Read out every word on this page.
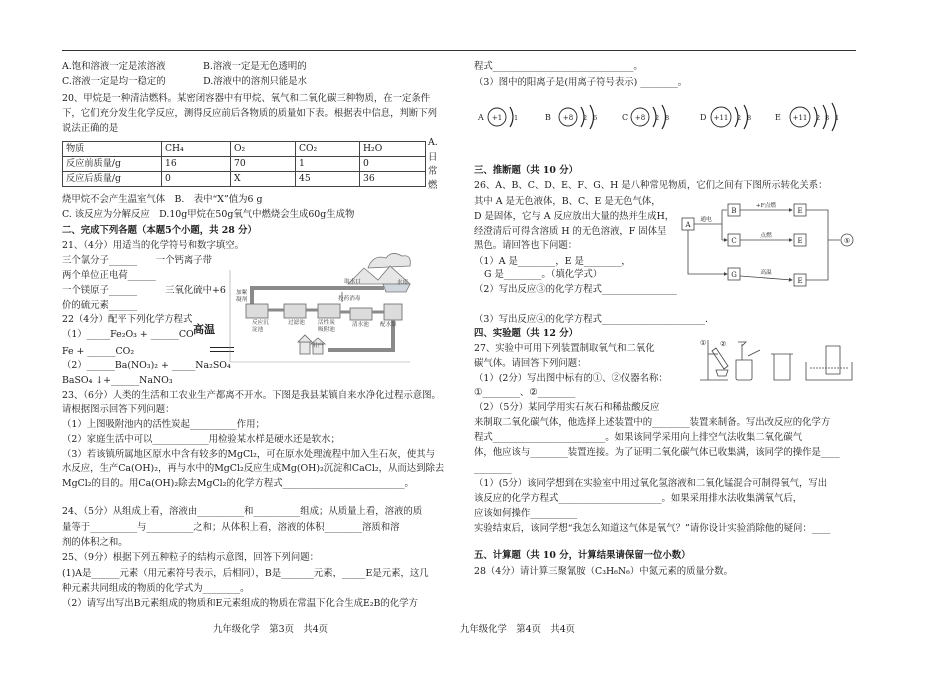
A.饱和溶液一定是浓溶液　　　　B.溶液一定是无色透明的
C.溶液一定是均一稳定的　　　　D.溶液中的溶剂只能是水
20、甲烷是一种清洁燃料。某密闭容器中有甲烷、氧气和二氧化碳三种物质，在一定条件
下，它们充分发生化学反应，测得反应前后各物质的质量如下表。根据表中信息，判断下列
说法正确的是
物质	CH₄	O₂	CO₂	H₂O
反应前质量/g	16	70	1	0
反应后质量/g	0	X	45	36
A.
日
常
燃
烧甲烷不会产生温室气体　B.　表中“X”值为6 g
C. 该反应为分解反应　D.10g甲烷在50g氧气中燃烧会生成60g生成物
二、完成下列各题（本题5个小题，共 28 分）
21、（4分）用适当的化学符号和数字填空。
三个氯分子______　　一个钙离子带
两个单位正电荷______
一个镁原子______　　　三氧化硫中+6
价的硫元素______
22（4分）配平下列化学方程式
（1）_____Fe₂O₃ + ______CO 高温
Fe + ______CO₂
（2）______Ba(NO₃)₂ + _____Na₂SO₄
BaSO₄ ↓+______NaNO₃
取水口	水库
加絮凝剂
反应沉淀池
过滤池 活性炭吸附池
投药消毒
清水池 配水泵
用户
23、（6分）人类的生活和工农业生产都离不开水。下图是我县某镇自来水净化过程示意图。
请根据图示回答下列问题：
（1）上图吸附池内的活性炭起__________作用；
（2）家庭生活中可以____________用检验某水样是硬水还是软水；
（3）若该镇所属地区原水中含有较多的MgCl₂，可在原水处理流程中加入生石灰，使其与
水反应，生产Ca(OH)₂，再与水中的MgCl₂反应生成Mg(OH)₂沉淀和CaCl₂，从而达到除去
MgCl₂的目的。用Ca(OH)₂除去MgCl₂的化学方程式__________________________。
24、（5分）从组成上看，溶液由__________和__________组成；从质量上看，溶液的质
量等于__________与__________之和；从体积上看，溶液的体积________溶质和溶
剂的体积之和。
25、（9分）根据下列五种粒子的结构示意图，回答下列问题：
(1)A是______元素（用元素符号表示，后相同），B是_______元素，_____E是元素，这几
种元素共同组成的物质的化学式为________。
（2）请写出写出B元素组成的物质和E元素组成的物质在常温下化合生成E₂B的化学方
九年级化学　第3页　共4页
程式______________________________。
（3）图中的阳离子是(用离子符号表示) ________。
A +1 1	B +8 2 6	C +8 2 8	D +11 2 8	E +11 2 8 1
三、推断题（共 10 分）
26、A、B、C、D、E、F、G、H 是八种常见物质，它们之间有下图所示转化关系：
其中 A 是无色液体，B、C、E 是无色气体，
D 是固体，它与 A 反应放出大量的热并生成H，
经澄清后可得含溶质 H 的无色溶液，F 固体呈
黑色。请回答也下问题：
（1）A 是________，E 是________，
G 是________。（填化学式）
（2）写出反应③的化学方程式________________
（3）写出反应④的化学方程式______________________.
A
B
C
G
E
E
E
通电
+F点燃
点燃
高温
⑤
四、实验题（共 12 分）
27、实验中可用下列装置制取氧气和二氧化
碳气体。请回答下列问题：
① ②
（1）(2分）写出图中标有的①、②仪器名称：
①________、②________
（2）（5分）某同学用实石灰石和稀盐酸反应
来制取二氧化碳气体，他选择上述装置中的________装置来制备。写出改反应的化学方
程式________________________。如果该同学采用向上排空气法收集二氧化碳气
体，他应该与________装置连接。为了证明二氧化碳气体已收集满，该同学的操作是____
________
（1）(5分）该同学想到在实验室中用过氧化氢溶液和二氧化锰混合可制得氧气，写出
该反应的化学方程式______________________。如果采用排水法收集满氧气后，
应该如何操作__________
实验结束后，该同学想“我怎么知道这气体是氧气？”请你设计实验消除他的疑问：____
五、计算题（共 10 分，计算结果请保留一位小数）
28（4分）请计算三聚氰胺（C₃H₆N₆）中氮元素的质量分数。
九年级化学　第4页　共4页
